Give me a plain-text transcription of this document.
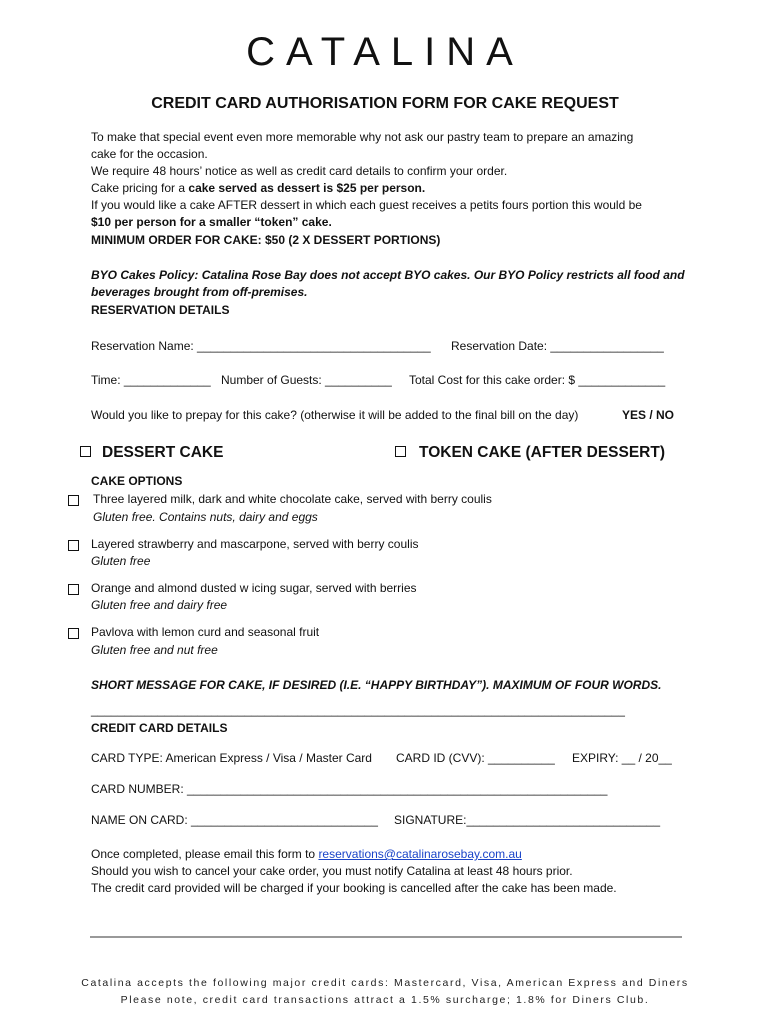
CATALINA
CREDIT CARD AUTHORISATION FORM FOR CAKE REQUEST
To make that special event even more memorable why not ask our pastry team to prepare an amazing
cake for the occasion.
We require 48 hours’ notice as well as credit card details to confirm your order.
Cake pricing for a cake served as dessert is $25 per person.
If you would like a cake AFTER dessert in which each guest receives a petits fours portion this would be
$10 per person for a smaller “token” cake.
MINIMUM ORDER FOR CAKE: $50 (2 X DESSERT PORTIONS)
BYO Cakes Policy: Catalina Rose Bay does not accept BYO cakes. Our BYO Policy restricts all food and
beverages brought from off-premises.
RESERVATION DETAILS
Reservation Name: ___________________________________ Reservation Date: _________________
Time: _____________ Number of Guests: __________ Total Cost for this cake order: $ _____________
Would you like to prepay for this cake? (otherwise it will be added to the final bill on the day)	YES / NO
DESSERT CAKE	TOKEN CAKE (AFTER DESSERT)
CAKE OPTIONS
Three layered milk, dark and white chocolate cake, served with berry coulis
Gluten free. Contains nuts, dairy and eggs
Layered strawberry and mascarpone, served with berry coulis
Gluten free
Orange and almond dusted w icing sugar, served with berries
Gluten free and dairy free
Pavlova with lemon curd and seasonal fruit
Gluten free and nut free
SHORT MESSAGE FOR CAKE, IF DESIRED (I.E. “HAPPY BIRTHDAY”). MAXIMUM OF FOUR WORDS.
________________________________________________________________________________
CREDIT CARD DETAILS
CARD TYPE: American Express / Visa / Master Card CARD ID (CVV): __________ EXPIRY: __ / 20__
CARD NUMBER: _______________________________________________________________
NAME ON CARD: ____________________________ SIGNATURE:_____________________________
Once completed, please email this form to reservations@catalinarosebay.com.au
Should you wish to cancel your cake order, you must notify Catalina at least 48 hours prior.
The credit card provided will be charged if your booking is cancelled after the cake has been made.
Catalina accepts the following major credit cards: Mastercard, Visa, American Express and Diners
Please note, credit card transactions attract a 1.5% surcharge; 1.8% for Diners Club.
